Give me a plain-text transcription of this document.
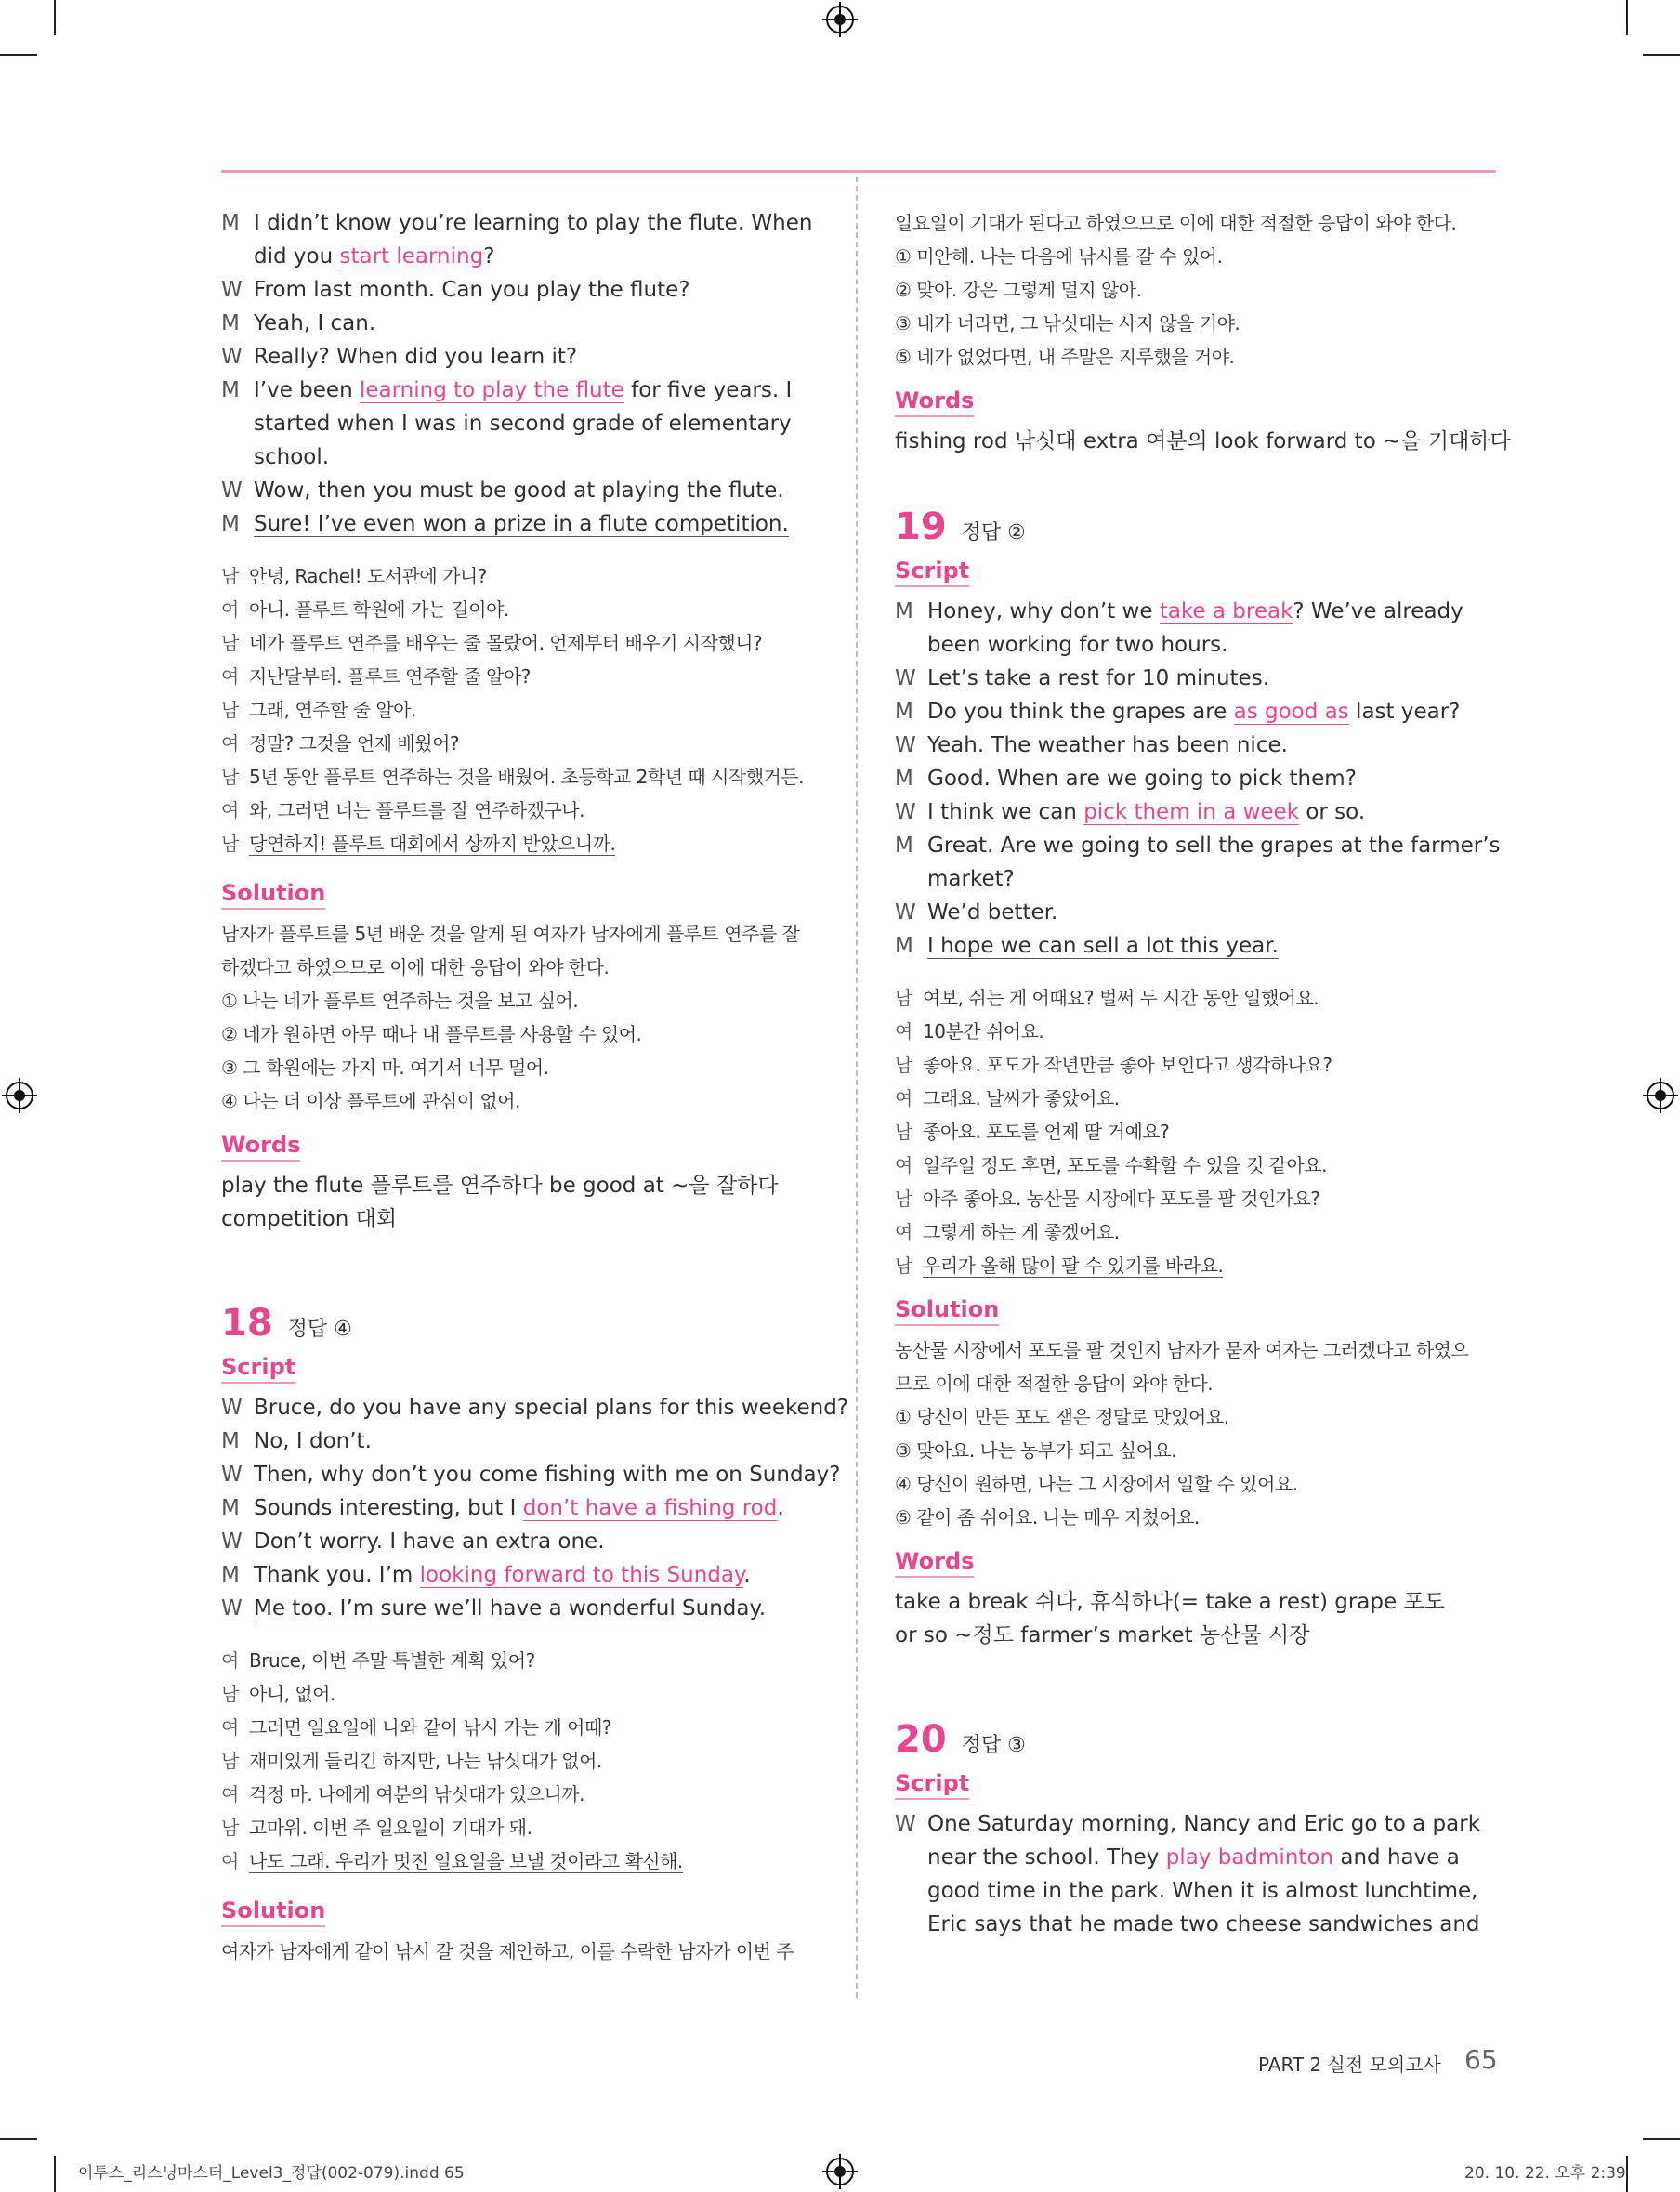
M I didn’t know you’re learning to play the flute. When
did you start learning?
W From last month. Can you play the flute?
M Yeah, I can.
W Really? When did you learn it?
M I’ve been learning to play the flute for five years. I
started when I was in second grade of elementary
school.
W Wow, then you must be good at playing the flute.
M Sure! I’ve even won a prize in a flute competition.
남 안녕, Rachel! 도서관에 가니?
여 아니. 플루트 학원에 가는 길이야.
남 네가 플루트 연주를 배우는 줄 몰랐어. 언제부터 배우기 시작했니?
여 지난달부터. 플루트 연주할 줄 알아?
남 그래, 연주할 줄 알아.
여 정말? 그것을 언제 배웠어?
남 5년 동안 플루트 연주하는 것을 배웠어. 초등학교 2학년 때 시작했거든.
여 와, 그러면 너는 플루트를 잘 연주하겠구나.
남 당연하지! 플루트 대회에서 상까지 받았으니까.
Solution
남자가 플루트를 5년 배운 것을 알게 된 여자가 남자에게 플루트 연주를 잘
하겠다고 하였으므로 이에 대한 응답이 와야 한다.
① 나는 네가 플루트 연주하는 것을 보고 싶어.
② 네가 원하면 아무 때나 내 플루트를 사용할 수 있어.
③ 그 학원에는 가지 마. 여기서 너무 멀어.
④ 나는 더 이상 플루트에 관심이 없어.
Words
play the flute 플루트를 연주하다 be good at ~을 잘하다
competition 대회
18 정답 ④
Script
W Bruce, do you have any special plans for this weekend?
M No, I don’t.
W Then, why don’t you come fishing with me on Sunday?
M Sounds interesting, but I don’t have a fishing rod.
W Don’t worry. I have an extra one.
M Thank you. I’m looking forward to this Sunday.
W Me too. I’m sure we’ll have a wonderful Sunday.
여 Bruce, 이번 주말 특별한 계획 있어?
남 아니, 없어.
여 그러면 일요일에 나와 같이 낚시 가는 게 어때?
남 재미있게 들리긴 하지만, 나는 낚싯대가 없어.
여 걱정 마. 나에게 여분의 낚싯대가 있으니까.
남 고마워. 이번 주 일요일이 기대가 돼.
여 나도 그래. 우리가 멋진 일요일을 보낼 것이라고 확신해.
Solution
여자가 남자에게 같이 낚시 갈 것을 제안하고, 이를 수락한 남자가 이번 주
일요일이 기대가 된다고 하였으므로 이에 대한 적절한 응답이 와야 한다.
① 미안해. 나는 다음에 낚시를 갈 수 있어.
② 맞아. 강은 그렇게 멀지 않아.
③ 내가 너라면, 그 낚싯대는 사지 않을 거야.
⑤ 네가 없었다면, 내 주말은 지루했을 거야.
Words
fishing rod 낚싯대 extra 여분의 look forward to ~을 기대하다
19 정답 ②
Script
M Honey, why don’t we take a break? We’ve already
been working for two hours.
W Let’s take a rest for 10 minutes.
M Do you think the grapes are as good as last year?
W Yeah. The weather has been nice.
M Good. When are we going to pick them?
W I think we can pick them in a week or so.
M Great. Are we going to sell the grapes at the farmer’s
market?
W We’d better.
M I hope we can sell a lot this year.
남 여보, 쉬는 게 어때요? 벌써 두 시간 동안 일했어요.
여 10분간 쉬어요.
남 좋아요. 포도가 작년만큼 좋아 보인다고 생각하나요?
여 그래요. 날씨가 좋았어요.
남 좋아요. 포도를 언제 딸 거예요?
여 일주일 정도 후면, 포도를 수확할 수 있을 것 같아요.
남 아주 좋아요. 농산물 시장에다 포도를 팔 것인가요?
여 그렇게 하는 게 좋겠어요.
남 우리가 올해 많이 팔 수 있기를 바라요.
Solution
농산물 시장에서 포도를 팔 것인지 남자가 묻자 여자는 그러겠다고 하였으
므로 이에 대한 적절한 응답이 와야 한다.
① 당신이 만든 포도 잼은 정말로 맛있어요.
③ 맞아요. 나는 농부가 되고 싶어요.
④ 당신이 원하면, 나는 그 시장에서 일할 수 있어요.
⑤ 같이 좀 쉬어요. 나는 매우 지쳤어요.
Words
take a break 쉬다, 휴식하다(= take a rest) grape 포도
or so ~정도 farmer’s market 농산물 시장
20 정답 ③
Script
W One Saturday morning, Nancy and Eric go to a park
near the school. They play badminton and have a
good time in the park. When it is almost lunchtime,
Eric says that he made two cheese sandwiches and
PART 2 실전 모의고사 65
이투스_리스닝마스터_Level3_정답(002-079).indd 65	20. 10. 22. 오후 2:39
